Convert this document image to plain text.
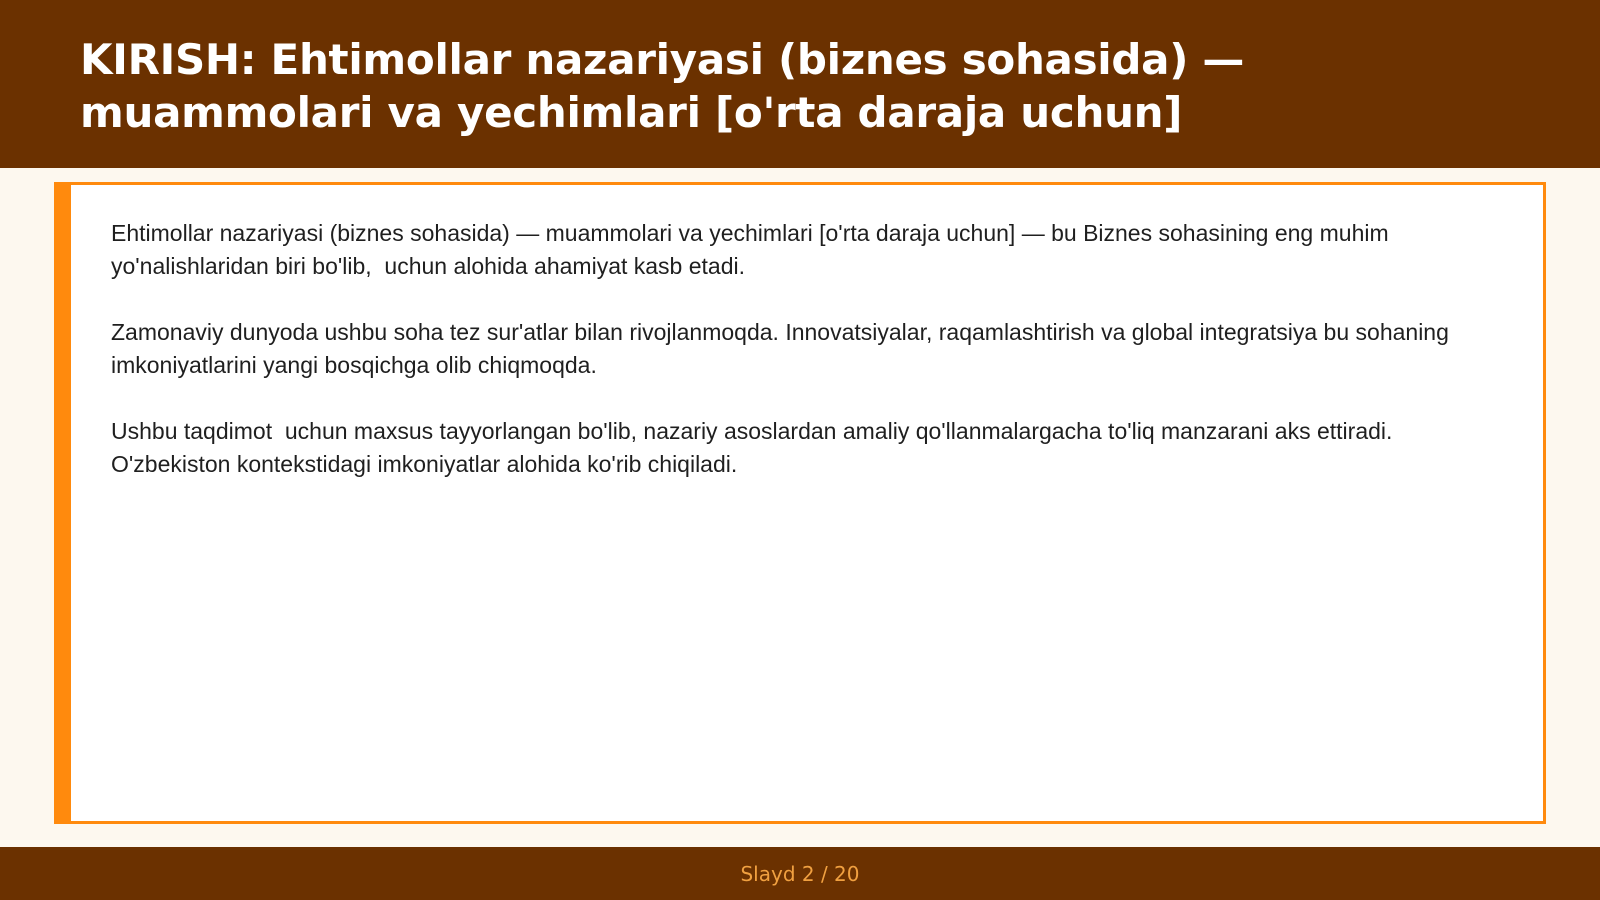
KIRISH: Ehtimollar nazariyasi (biznes sohasida) — muammolari va yechimlari [o'rta daraja uchun]

Ehtimollar nazariyasi (biznes sohasida) — muammolari va yechimlari [o'rta daraja uchun] — bu Biznes sohasining eng muhim yo'nalishlaridan biri bo'lib,  uchun alohida ahamiyat kasb etadi.

Zamonaviy dunyoda ushbu soha tez sur'atlar bilan rivojlanmoqda. Innovatsiyalar, raqamlashtirish va global integratsiya bu sohaning imkoniyatlarini yangi bosqichga olib chiqmoqda.

Ushbu taqdimot  uchun maxsus tayyorlangan bo'lib, nazariy asoslardan amaliy qo'llanmalargacha to'liq manzarani aks ettiradi. O'zbekiston kontekstidagi imkoniyatlar alohida ko'rib chiqiladi.

Slayd 2 / 20
